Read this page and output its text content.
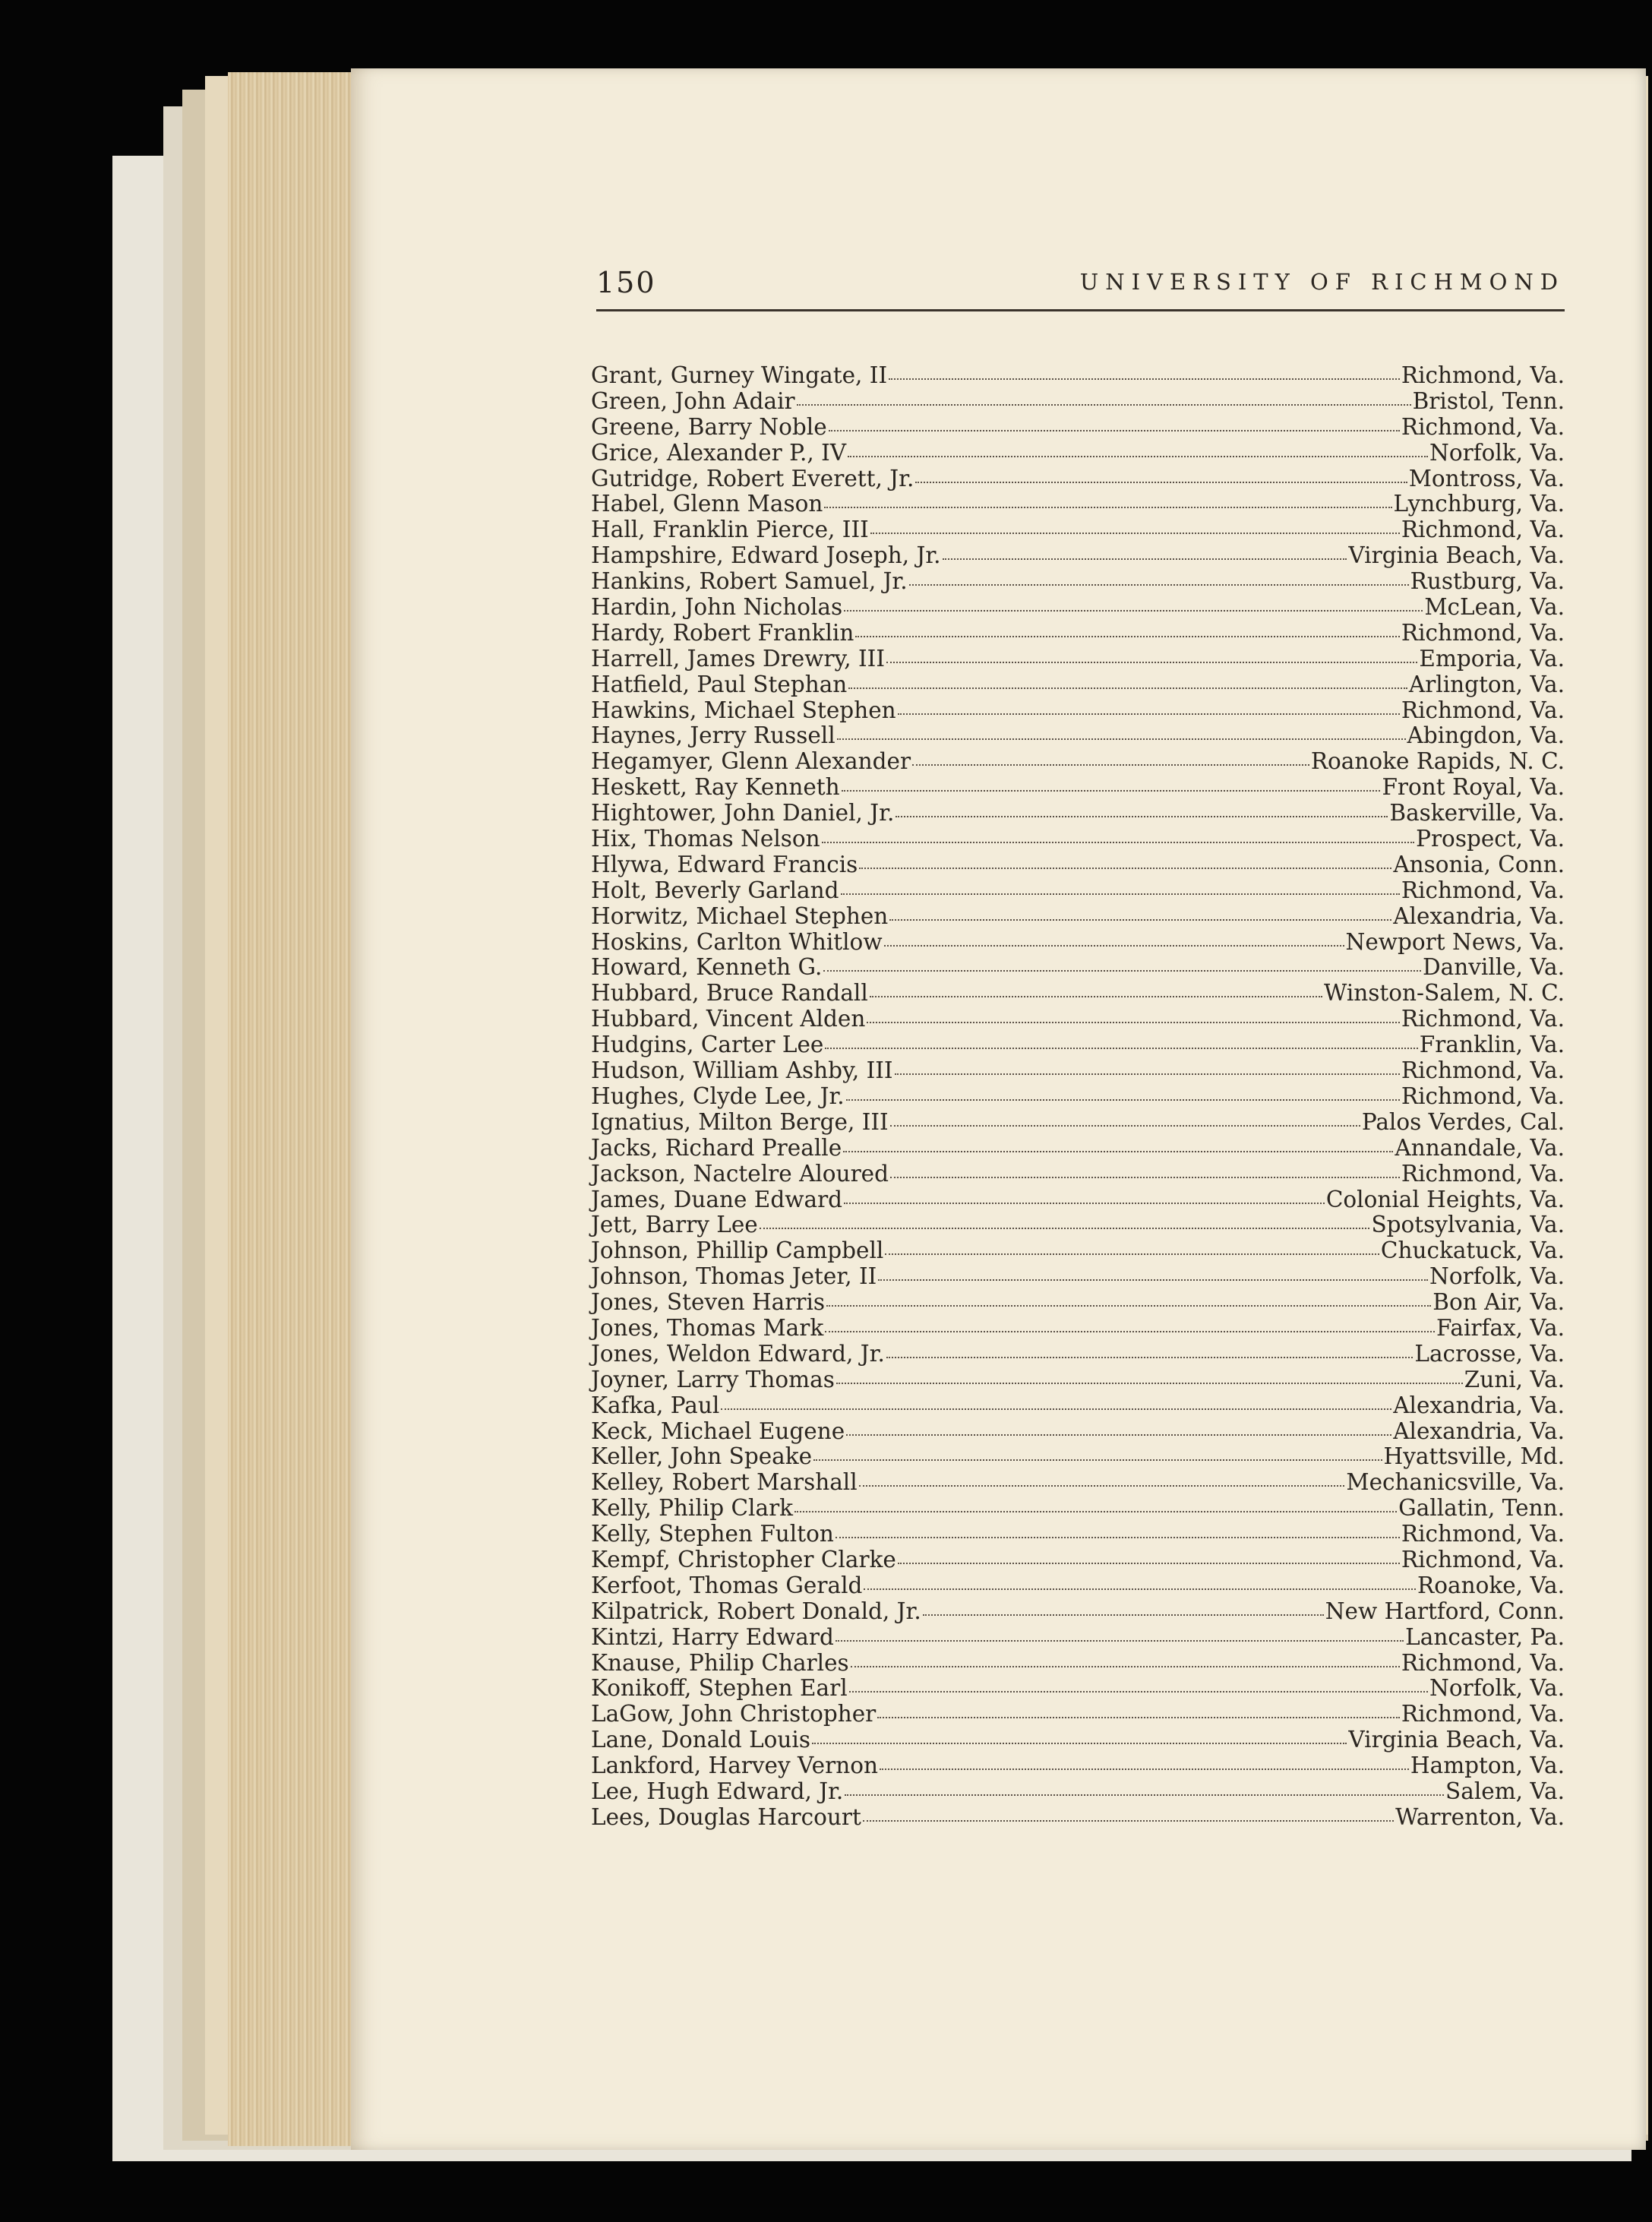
150	UNIVERSITY OF RICHMOND
Grant, Gurney Wingate, II	Richmond, Va.
Green, John Adair	Bristol, Tenn.
Greene, Barry Noble	Richmond, Va.
Grice, Alexander P., IV	Norfolk, Va.
Gutridge, Robert Everett, Jr.	Montross, Va.
Habel, Glenn Mason	Lynchburg, Va.
Hall, Franklin Pierce, III	Richmond, Va.
Hampshire, Edward Joseph, Jr.	Virginia Beach, Va.
Hankins, Robert Samuel, Jr.	Rustburg, Va.
Hardin, John Nicholas	McLean, Va.
Hardy, Robert Franklin	Richmond, Va.
Harrell, James Drewry, III	Emporia, Va.
Hatfield, Paul Stephan	Arlington, Va.
Hawkins, Michael Stephen	Richmond, Va.
Haynes, Jerry Russell	Abingdon, Va.
Hegamyer, Glenn Alexander	Roanoke Rapids, N. C.
Heskett, Ray Kenneth	Front Royal, Va.
Hightower, John Daniel, Jr.	Baskerville, Va.
Hix, Thomas Nelson	Prospect, Va.
Hlywa, Edward Francis	Ansonia, Conn.
Holt, Beverly Garland	Richmond, Va.
Horwitz, Michael Stephen	Alexandria, Va.
Hoskins, Carlton Whitlow	Newport News, Va.
Howard, Kenneth G.	Danville, Va.
Hubbard, Bruce Randall	Winston-Salem, N. C.
Hubbard, Vincent Alden	Richmond, Va.
Hudgins, Carter Lee	Franklin, Va.
Hudson, William Ashby, III	Richmond, Va.
Hughes, Clyde Lee, Jr.	Richmond, Va.
Ignatius, Milton Berge, III	Palos Verdes, Cal.
Jacks, Richard Prealle	Annandale, Va.
Jackson, Nactelre Aloured	Richmond, Va.
James, Duane Edward	Colonial Heights, Va.
Jett, Barry Lee	Spotsylvania, Va.
Johnson, Phillip Campbell	Chuckatuck, Va.
Johnson, Thomas Jeter, II	Norfolk, Va.
Jones, Steven Harris	Bon Air, Va.
Jones, Thomas Mark	Fairfax, Va.
Jones, Weldon Edward, Jr.	Lacrosse, Va.
Joyner, Larry Thomas	Zuni, Va.
Kafka, Paul	Alexandria, Va.
Keck, Michael Eugene	Alexandria, Va.
Keller, John Speake	Hyattsville, Md.
Kelley, Robert Marshall	Mechanicsville, Va.
Kelly, Philip Clark	Gallatin, Tenn.
Kelly, Stephen Fulton	Richmond, Va.
Kempf, Christopher Clarke	Richmond, Va.
Kerfoot, Thomas Gerald	Roanoke, Va.
Kilpatrick, Robert Donald, Jr.	New Hartford, Conn.
Kintzi, Harry Edward	Lancaster, Pa.
Knause, Philip Charles	Richmond, Va.
Konikoff, Stephen Earl	Norfolk, Va.
LaGow, John Christopher	Richmond, Va.
Lane, Donald Louis	Virginia Beach, Va.
Lankford, Harvey Vernon	Hampton, Va.
Lee, Hugh Edward, Jr.	Salem, Va.
Lees, Douglas Harcourt	Warrenton, Va.
